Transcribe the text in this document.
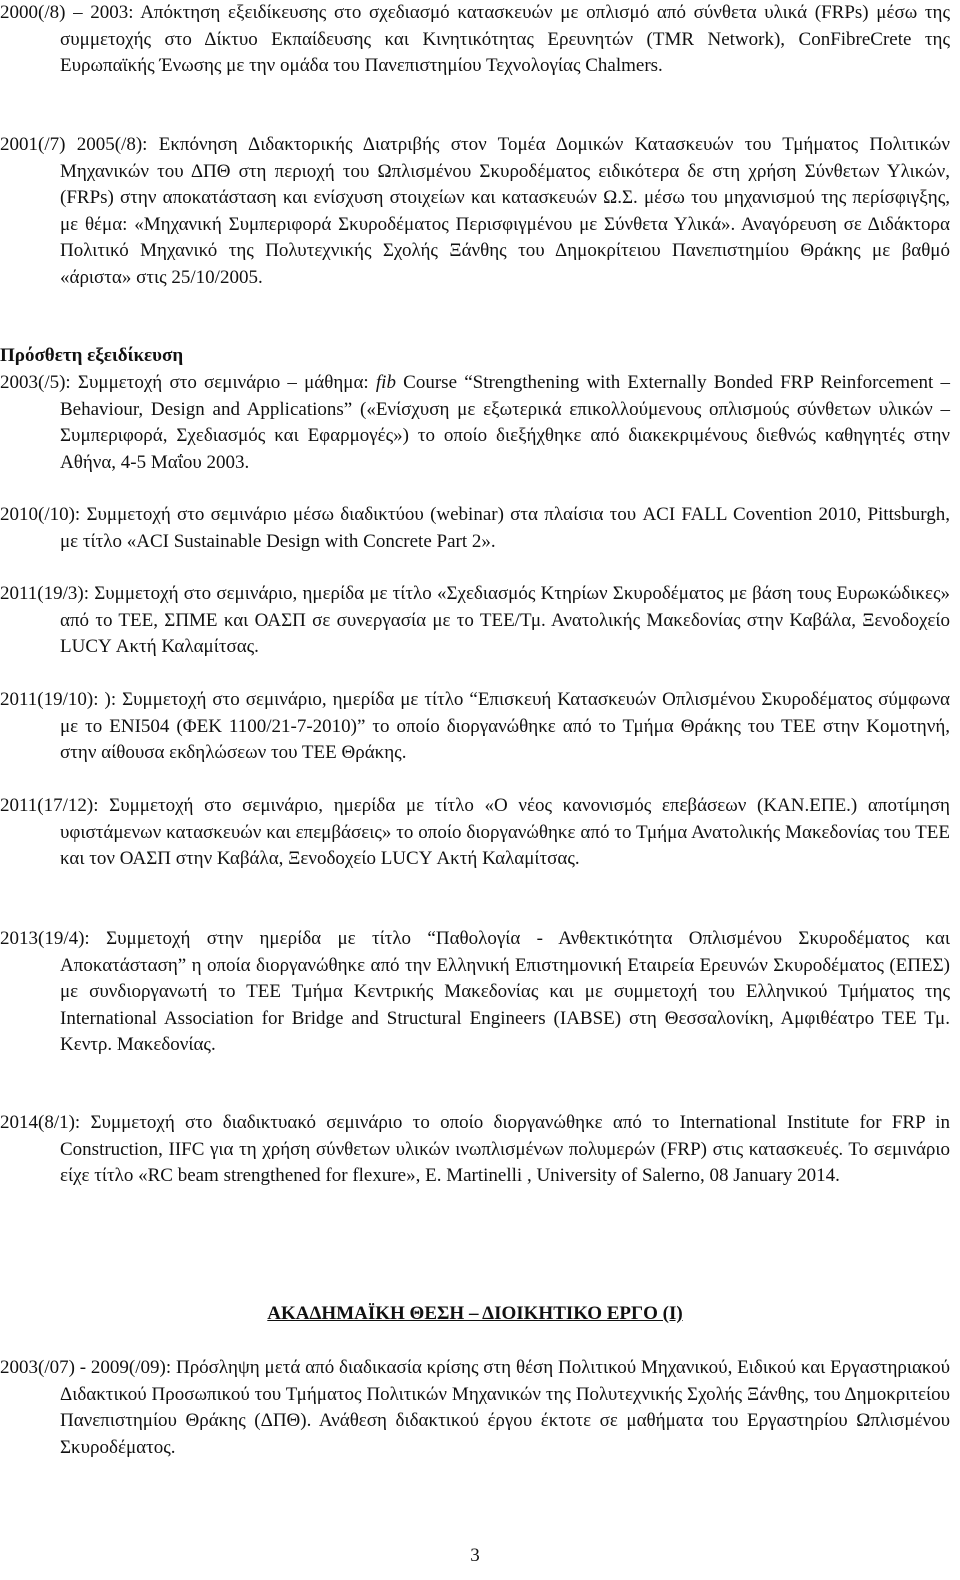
2000(/8) – 2003: Απόκτηση εξειδίκευσης στο σχεδιασμό κατασκευών με οπλισμό από σύνθετα υλικά (FRPs) μέσω της συμμετοχής στο Δίκτυο Εκπαίδευσης και Κινητικότητας Ερευνητών (TMR Network), ConFibreCrete της Ευρωπαϊκής Ένωσης με την ομάδα του Πανεπιστημίου Τεχνολογίας Chalmers.

2001(/7) 2005(/8): Εκπόνηση Διδακτορικής Διατριβής στον Τομέα Δομικών Κατασκευών του Τμήματος Πολιτικών Μηχανικών του ΔΠΘ στη περιοχή του Ωπλισμένου Σκυροδέματος ειδικότερα δε στη χρήση Σύνθετων Υλικών, (FRPs) στην αποκατάσταση και ενίσχυση στοιχείων και κατασκευών Ω.Σ. μέσω του μηχανισμού της περίσφιγξης, με θέμα: «Μηχανική Συμπεριφορά Σκυροδέματος Περισφιγμένου με Σύνθετα Υλικά». Αναγόρευση σε Διδάκτορα Πολιτικό Μηχανικό της Πολυτεχνικής Σχολής Ξάνθης του Δημοκρίτειου Πανεπιστημίου Θράκης με βαθμό «άριστα» στις 25/10/2005.

Πρόσθετη εξειδίκευση

2003(/5): Συμμετοχή στο σεμινάριο – μάθημα: fib Course “Strengthening with Externally Bonded FRP Reinforcement – Behaviour, Design and Applications” («Ενίσχυση με εξωτερικά επικολλούμενους οπλισμούς σύνθετων υλικών – Συμπεριφορά, Σχεδιασμός και Εφαρμογές») το οποίο διεξήχθηκε από διακεκριμένους διεθνώς καθηγητές στην Αθήνα, 4-5 Μαΐου 2003.

2010(/10): Συμμετοχή στο σεμινάριο μέσω διαδικτύου (webinar) στα πλαίσια του ACI FALL Covention 2010, Pittsburgh, με τίτλο «ACI Sustainable Design with Concrete Part 2».

2011(19/3): Συμμετοχή στο σεμινάριο, ημερίδα με τίτλο «Σχεδιασμός Κτηρίων Σκυροδέματος με βάση τους Ευρωκώδικες» από το ΤΕΕ, ΣΠΜΕ και ΟΑΣΠ σε συνεργασία με το ΤΕΕ/Τμ. Ανατολικής Μακεδονίας στην Καβάλα, Ξενοδοχείο LUCY Ακτή Καλαμίτσας.

2011(19/10): ): Συμμετοχή στο σεμινάριο, ημερίδα με τίτλο “Επισκευή Κατασκευών Οπλισμένου Σκυροδέματος σύμφωνα με το ΕΝΙ504 (ΦΕΚ 1100/21-7-2010)” το οποίο διοργανώθηκε από το Τμήμα Θράκης του ΤΕΕ στην Κομοτηνή, στην αίθουσα εκδηλώσεων του ΤΕΕ Θράκης.

2011(17/12): Συμμετοχή στο σεμινάριο, ημερίδα με τίτλο «Ο νέος κανονισμός επεβάσεων (ΚΑΝ.ΕΠΕ.) αποτίμηση υφιστάμενων κατασκευών και επεμβάσεις» το οποίο διοργανώθηκε από το Τμήμα Ανατολικής Μακεδονίας του ΤΕΕ και τον ΟΑΣΠ στην Καβάλα, Ξενοδοχείο LUCY Ακτή Καλαμίτσας.

2013(19/4): Συμμετοχή στην ημερίδα με τίτλο “Παθολογία - Ανθεκτικότητα Οπλισμένου Σκυροδέματος και Αποκατάσταση” η οποία διοργανώθηκε από την Ελληνική Επιστημονική Εταιρεία Ερευνών Σκυροδέματος (ΕΠΕΣ) με συνδιοργανωτή το ΤΕΕ Τμήμα Κεντρικής Μακεδονίας και με συμμετοχή του Ελληνικού Τμήματος της International Association for Bridge and Structural Engineers (IABSE) στη Θεσσαλονίκη, Αμφιθέατρο ΤΕΕ Τμ. Κεντρ. Μακεδονίας.

2014(8/1): Συμμετοχή στο διαδικτυακό σεμινάριο το οποίο διοργανώθηκε από το International Institute for FRP in Construction, IIFC για τη χρήση σύνθετων υλικών ινωπλισμένων πολυμερών (FRP) στις κατασκευές. Το σεμινάριο είχε τίτλο «RC beam strengthened for flexure», E. Martinelli , University of Salerno, 08 January 2014.

ΑΚΑΔΗΜΑΪΚΗ ΘΕΣΗ – ΔΙΟΙΚΗΤΙΚΟ ΕΡΓΟ (Ι)

2003(/07) - 2009(/09): Πρόσληψη μετά από διαδικασία κρίσης στη θέση Πολιτικού Μηχανικού, Ειδικού και Εργαστηριακού Διδακτικού Προσωπικού του Τμήματος Πολιτικών Μηχανικών της Πολυτεχνικής Σχολής Ξάνθης, του Δημοκριτείου Πανεπιστημίου Θράκης (ΔΠΘ). Ανάθεση διδακτικού έργου έκτοτε σε μαθήματα του Εργαστηρίου Ωπλισμένου Σκυροδέματος.

3
